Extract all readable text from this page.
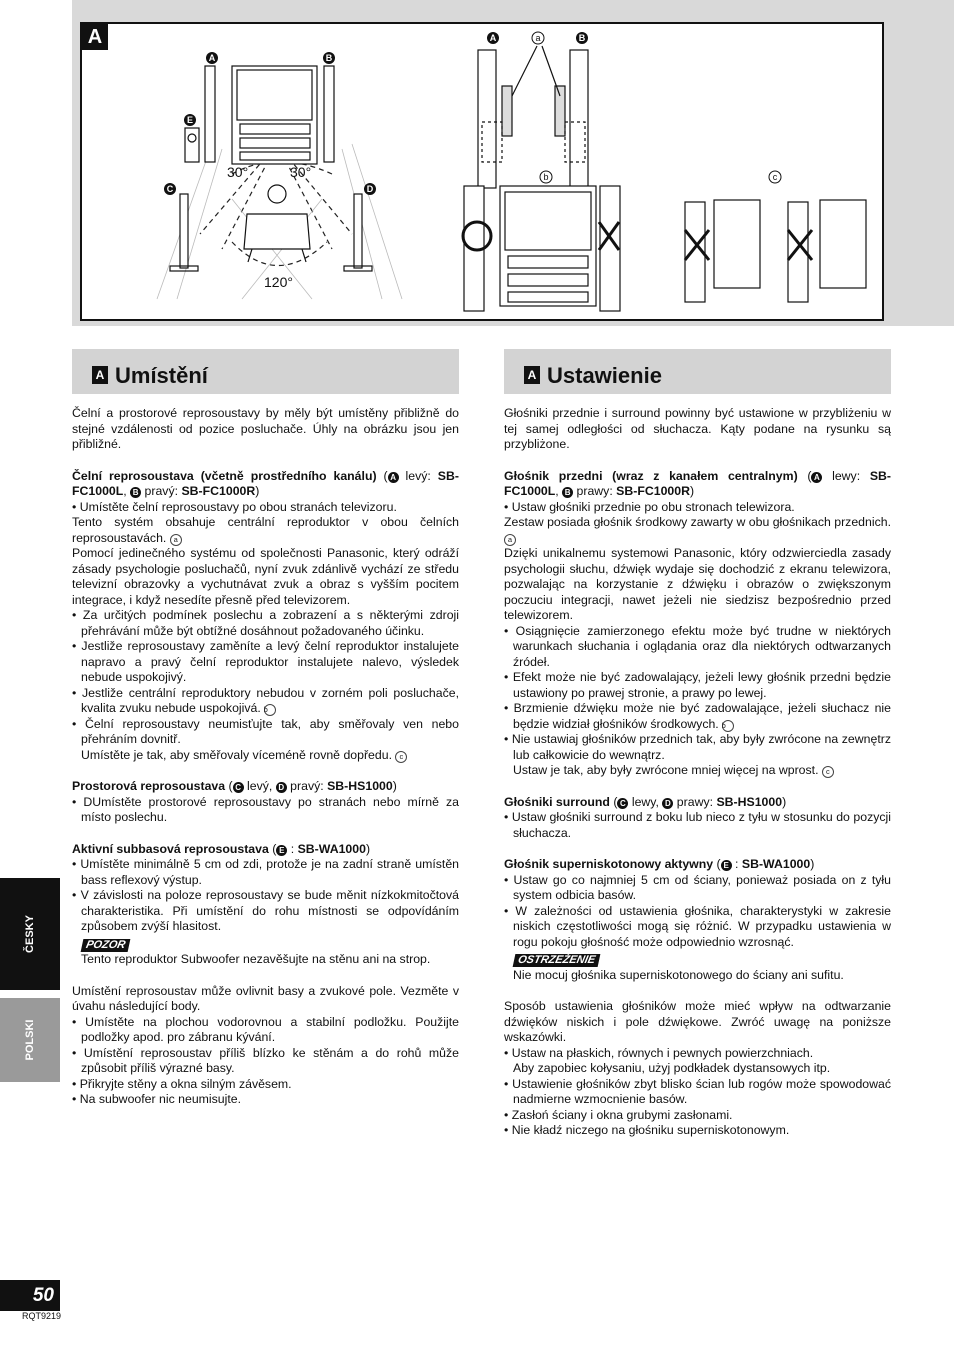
A	B
E
C	D
A	B
a
b	c
30°	30°
120°
A
A Umístění	A Ustawienie

Čelní a prostorové reprosoustavy by měly být umístěny přibližně do stejné vzdálenosti od pozice posluchače. Úhly na obrázku jsou jen přibližné.

Čelní reprosoustava (včetně prostředního kanálu) ( A levý: SB-FC1000L, B pravý: SB-FC1000R)

• Umístěte čelní reprosoustavy po obou stranách televizoru.

Tento systém obsahuje centrální reproduktor v obou čelních reprosoustavách. a

Pomocí jedinečného systému od společnosti Panasonic, který odráží zásady psychologie posluchačů, nyní zvuk zdánlivě vychází ze středu televizní obrazovky a vychutnávat zvuk a obraz s vyšším pocitem integrace, i když nesedíte přesně před televizorem.

• Za určitých podmínek poslechu a zobrazení a s některými zdroji přehrávání může být obtížné dosáhnout požadovaného účinku.

• Jestliže reprosoustavy zaměníte a levý čelní reproduktor instalujete napravo a pravý čelní reproduktor instalujete nalevo, výsledek nebude uspokojivý.

• Jestliže centrální reproduktory nebudou v zorném poli posluchače, kvalita zvuku nebude uspokojivá. b

• Čelní reprosoustavy neumisťujte tak, aby směřovaly ven nebo přehráním dovnitř.

Umístěte je tak, aby směřovaly víceméně rovně dopředu. c

Prostorová reprosoustava ( C levý, D pravý: SB-HS1000)

• DUmístěte prostorové reprosoustavy po stranách nebo mírně za místo poslechu.

Aktivní subbasová reprosoustava ( E : SB-WA1000)

• Umístěte minimálně 5 cm od zdi, protože je na zadní straně umístěn bass reflexový výstup.

• V závislosti na poloze reprosoustavy se bude měnit nízkokmitočtová charakteristika. Při umístění do rohu místnosti se odpovídáním způsobem zvýší hlasitost.

POZOR

Tento reproduktor Subwoofer nezavěšujte na stěnu ani na strop.

Umístění reprosoustav může ovlivnit basy a zvukové pole. Vezměte v úvahu následující body.

• Umístěte na plochou vodorovnou a stabilní podložku. Použijte podložky apod. pro zábranu kývání.

• Umístění reprosoustav příliš blízko ke stěnám a do rohů může způsobit příliš výrazné basy.

• Přikryjte stěny a okna silným závěsem.

• Na subwoofer nic neumisujte.

Głośniki przednie i surround powinny być ustawione w przybliżeniu w tej samej odległości od słuchacza. Kąty podane na rysunku są przybliżone.

Głośnik przedni (wraz z kanałem centralnym) ( A lewy: SB-FC1000L, B prawy: SB-FC1000R)

• Ustaw głośniki przednie po obu stronach telewizora.

Zestaw posiada głośnik środkowy zawarty w obu głośnikach przednich. a

Dzięki unikalnemu systemowi Panasonic, który odzwierciedla zasady psychologii słuchu, dźwięk wydaje się dochodzić z ekranu telewizora, pozwalając na korzystanie z dźwięku i obrazów o zwiększonym poczuciu integracji, nawet jeżeli nie siedzisz bezpośrednio przed telewizorem.

• Osiągnięcie zamierzonego efektu może być trudne w niektórych warunkach słuchania i oglądania oraz dla niektórych odtwarzanych źródeł.

• Efekt może nie być zadowalający, jeżeli lewy głośnik przedni będzie ustawiony po prawej stronie, a prawy po lewej.

• Brzmienie dźwięku może nie być zadowalające, jeżeli słuchacz nie będzie widział głośników środkowych. b

• Nie ustawiaj głośników przednich tak, aby były zwrócone na zewnętrz lub całkowicie do wewnątrz.

Ustaw je tak, aby były zwrócone mniej więcej na wprost. c

Głośniki surround ( C lewy, D prawy: SB-HS1000)

• Ustaw głośniki surround z boku lub nieco z tyłu w stosunku do pozycji słuchacza.

Głośnik superniskotonowy aktywny ( E : SB-WA1000)

• Ustaw go co najmniej 5 cm od ściany, ponieważ posiada on z tyłu system odbicia basów.

• W zależności od ustawienia głośnika, charakterystyki w zakresie niskich częstotliwości mogą się różnić. W przypadku ustawienia w rogu pokoju głośność może odpowiednio wzrosnąć.

OSTRZEŻENIE

Nie mocuj głośnika superniskotonowego do ściany ani sufitu.

Sposób ustawienia głośników może mieć wpływ na odtwarzanie dźwięków niskich i pole dźwiękowe. Zwróć uwagę na poniższe wskazówki.

• Ustaw na płaskich, równych i pewnych powierzchniach.

Aby zapobiec kołysaniu, użyj podkładek dystansowych itp.

• Ustawienie głośników zbyt blisko ścian lub rogów może spowodować nadmierne wzmocnienie basów.

• Zasłoń ściany i okna grubymi zasłonami.

• Nie kładź niczego na głośniku superniskotonowym.

ČESKY
POLSKI
50
RQT9219
